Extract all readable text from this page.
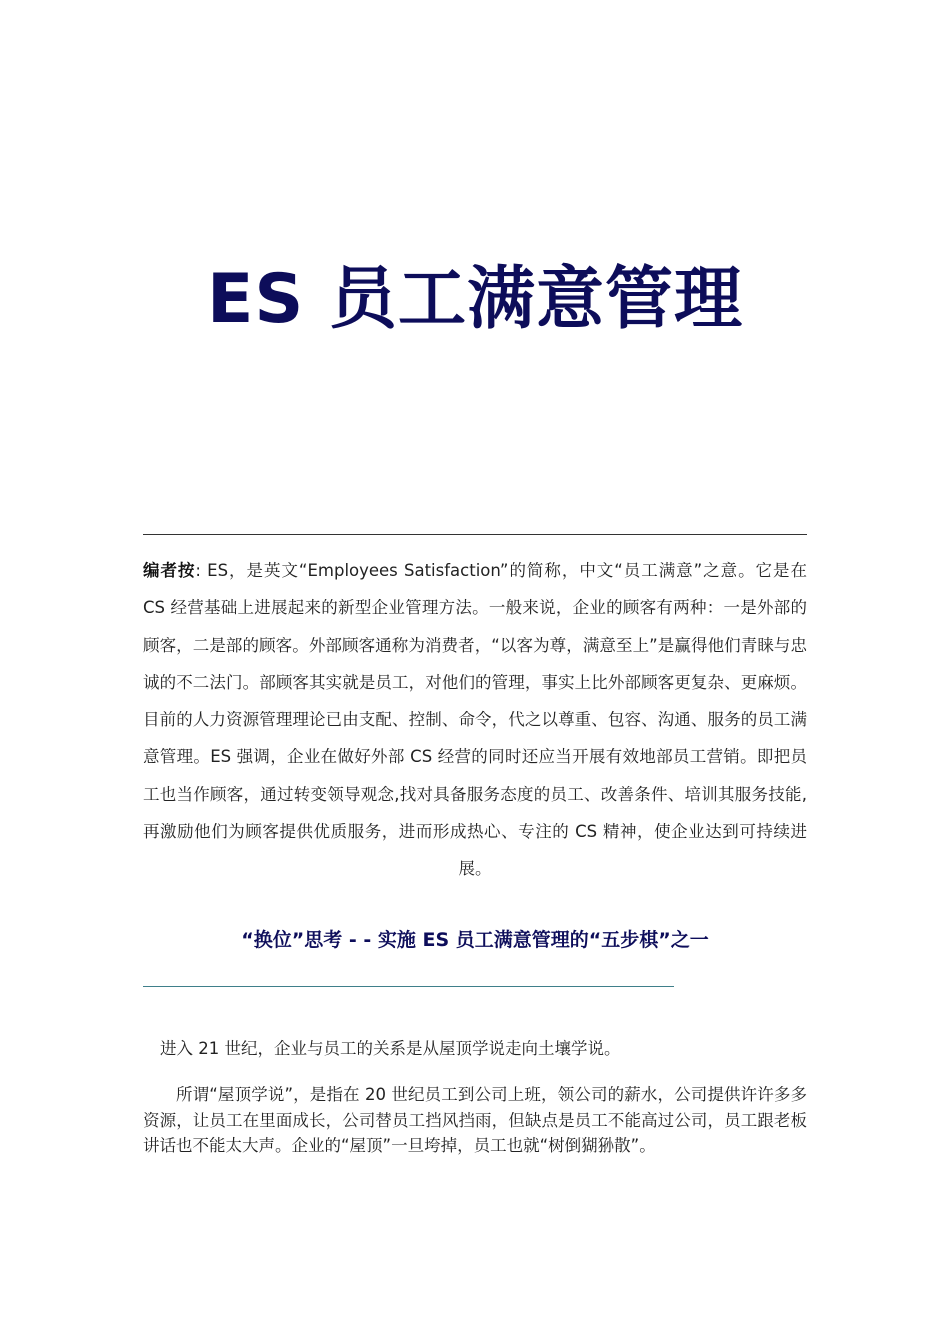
ES 员工满意管理

编者按: ES，是英文“Employees Satisfaction”的简称，中文“员工满意”之意。它是在 CS 经营基础上进展起来的新型企业管理方法。一般来说，企业的顾客有两种：一是外部的顾客，二是部的顾客。外部顾客通称为消费者，“以客为尊，满意至上”是赢得他们青睐与忠诚的不二法门。部顾客其实就是员工，对他们的管理，事实上比外部顾客更复杂、更麻烦。目前的人力资源管理理论已由支配、控制、命令，代之以尊重、包容、沟通、服务的员工满意管理。ES 强调，企业在做好外部 CS 经营的同时还应当开展有效地部员工营销。即把员工也当作顾客，通过转变领导观念,找对具备服务态度的员工、改善条件、培训其服务技能,再激励他们为顾客提供优质服务，进而形成热心、专注的 CS 精神，使企业达到可持续进展。

“换位”思考 - - 实施 ES 员工满意管理的“五步棋”之一

进入 21 世纪，企业与员工的关系是从屋顶学说走向土壤学说。

所谓“屋顶学说”，是指在 20 世纪员工到公司上班，领公司的薪水，公司提供许许多多资源，让员工在里面成长，公司替员工挡风挡雨，但缺点是员工不能高过公司，员工跟老板讲话也不能太大声。企业的“屋顶”一旦垮掉，员工也就“树倒猢狲散”。
